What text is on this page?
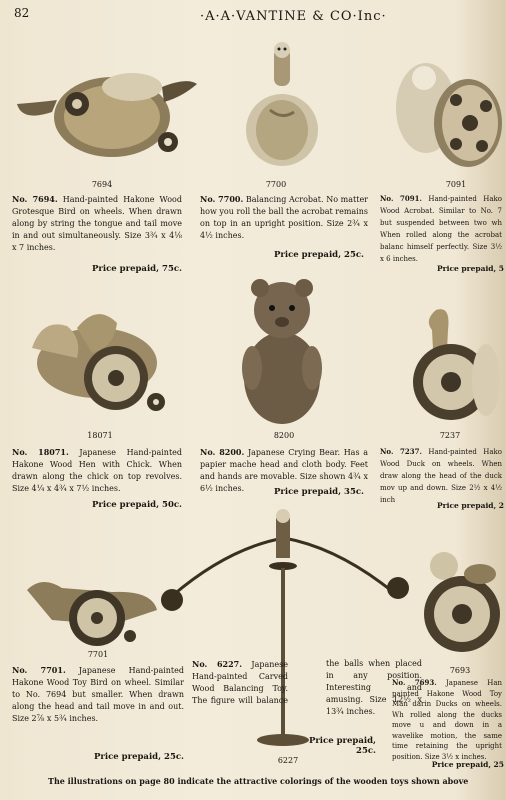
82	·A·A·VANTINE & CO·Inc·
7694	7700	7091
No. 7694. Hand-painted Hakone Wood Grotesque Bird on wheels. When drawn along by string the tongue and tail move in and out simultaneously. Size 3¾ x 4⅛ x 7 inches.
Price prepaid, 75c.
No. 7700. Balancing Acrobat. No matter how you roll the ball the acrobat remains on top in an upright position. Size 2¾ x 4½ inches.
Price prepaid, 25c.
No. 7091. Hand-painted Hako Wood Acrobat. Similar to No. 7 but suspended between two wh When rolled along the acrobat balanc himself perfectly. Size 3½ x 6 inches.
Price prepaid, 5
18071	8200	7237
No. 18071. Japanese Hand-painted Hakone Wood Hen with Chick. When drawn along the chick on top revolves. Size 4¼ x 4¾ x 7½ inches.
Price prepaid, 50c.
No. 8200. Japanese Crying Bear. Has a papier mache head and cloth body. Feet and hands are movable. Size shown 4¾ x 6½ inches.	Price prepaid, 35c.
No. 7237. Hand-painted Hako Wood Duck on wheels. When draw along the head of the duck mov up and down. Size 2½ x 4½ inch
Price prepaid, 2
7701
6227
7693
No. 7701. Japanese Hand-painted Hakone Wood Toy Bird on wheel. Similar to No. 7694 but smaller. When drawn along the head and tail move in and out. Size 2⅞ x 5¾ inches.
Price prepaid, 25c.
No. 6227. Japanese Hand-painted Carved Wood Balancing Toy. The figure will balance the balls when placed in any position. Interesting and amusing. Size 12½ x 13¾ inches.
Price prepaid, 25c.
No. 7693. Japanese Han painted Hakone Wood Toy Man darin Ducks on wheels. Wh rolled along the ducks move u and down in a wavelike motion, the same time retaining the upright position. Size 3½ x inches.
Price prepaid, 25
The illustrations on page 80 indicate the attractive colorings of the wooden toys shown above
